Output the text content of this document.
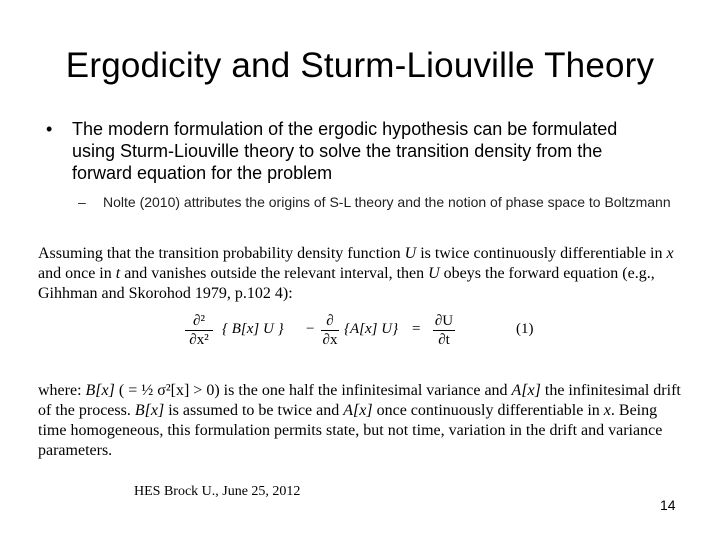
Ergodicity and Sturm-Liouville Theory
• The modern formulation of the ergodic hypothesis can be formulated using Sturm-Liouville theory to solve the transition density from the forward equation for the problem
– Nolte (2010) attributes the origins of S-L theory and the notion of phase space to Boltzmann
Assuming that the transition probability density function U is twice continuously differentiable in x and once in t and vanishes outside the relevant interval, then U obeys the forward equation (e.g., Gihhman and Skorohod 1979, p.102 4):
∂²
∂x²
{ B[x] U } − ∂
∂x
{A[x] U} = ∂U
∂t
(1)
where: B[x] ( = ½ σ²[x] > 0) is the one half the infinitesimal variance and A[x] the infinitesimal drift of the process. B[x] is assumed to be twice and A[x] once continuously differentiable in x. Being time homogeneous, this formulation permits state, but not time, variation in the drift and variance parameters.
HES Brock U., June 25, 2012
14
